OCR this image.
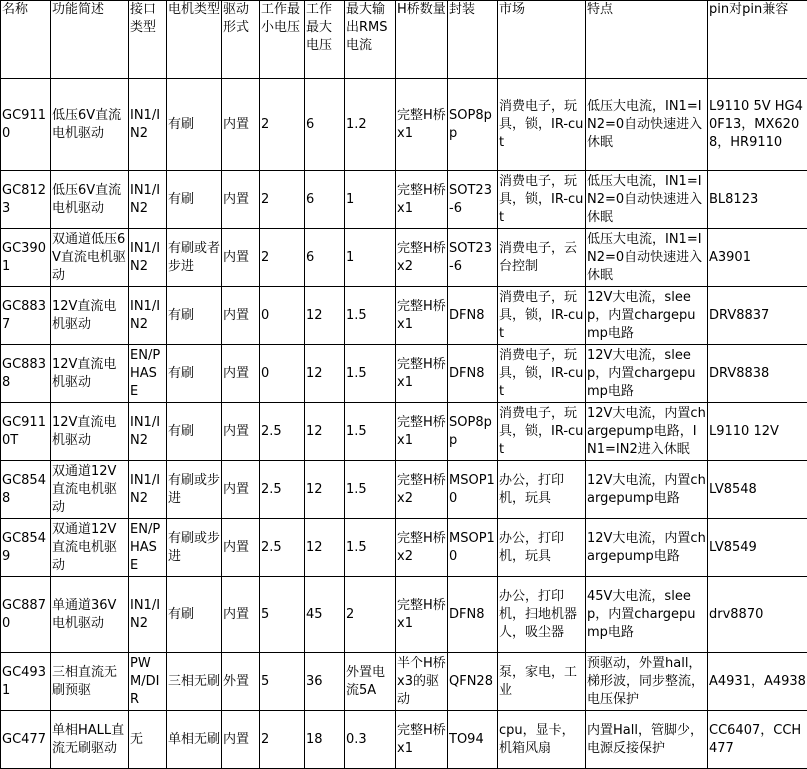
名称	功能简述	接口类型	电机类型	驱动形式	工作最小电压	工作最大电压	最大输出RMS电流	H桥数量	封装	市场	特点	pin对pin兼容
GC9110	低压6V直流电机驱动	IN1/IN2	有刷	内置	2	6	1.2	完整H桥 x1	SOP8pp	消费电子，玩具，锁，IR-cut	低压大电流，IN1=IN2=0自动快速进入休眠	L9110 5V HG40F13，MX6208，HR9110
GC8123	低压6V直流电机驱动	IN1/IN2	有刷	内置	2	6	1	完整H桥 x1	SOT23-6	消费电子，玩具，锁，IR-cut	低压大电流，IN1=IN2=0自动快速进入休眠	BL8123
GC3901	双通道低压6V直流电机驱动	IN1/IN2	有刷或者步进	内置	2	6	1	完整H桥 x2	SOT23-6	消费电子，云台控制	低压大电流，IN1=IN2=0自动快速进入休眠	A3901
GC8837	12V直流电机驱动	IN1/IN2	有刷	内置	0	12	1.5	完整H桥 x1	DFN8	消费电子，玩具，锁，IR-cut	12V大电流，sleep，内置chargepump电路	DRV8837
GC8838	12V直流电机驱动	EN/PHASE	有刷	内置	0	12	1.5	完整H桥 x1	DFN8	消费电子，玩具，锁，IR-cut	12V大电流，sleep，内置chargepump电路	DRV8838
GC9110T	12V直流电机驱动	IN1/IN2	有刷	内置	2.5	12	1.5	完整H桥 x1	SOP8pp	消费电子，玩具，锁，IR-cut	12V大电流，内置chargepump电路，IN1=IN2进入休眠	L9110 12V
GC8548	双通道12V直流电机驱动	IN1/IN2	有刷或步进	内置	2.5	12	1.5	完整H桥 x2	MSOP10	办公，打印机，玩具	12V大电流，内置chargepump电路	LV8548
GC8549	双通道12V直流电机驱动	EN/PHASE	有刷或步进	内置	2.5	12	1.5	完整H桥 x2	MSOP10	办公，打印机，玩具	12V大电流，内置chargepump电路	LV8549
GC8870	单通道36V电机驱动	IN1/IN2	有刷	内置	5	45	2	完整H桥 x1	DFN8	办公，打印机，扫地机器人，吸尘器	45V大电流，sleep，内置chargepump电路	drv8870
GC4931	三相直流无刷预驱	PWM/DIR	三相无刷	外置	5	36	外置电流5A	半个H桥 x3的驱动	QFN28	泵，家电，工业	预驱动，外置hall，梯形波，同步整流，电压保护	A4931，A4938
GC477	单相HALL直流无刷驱动	无	单相无刷	内置	2	18	0.3	完整H桥 x1	TO94	cpu，显卡，机箱风扇	内置Hall，管脚少，电源反接保护	CC6407，CCH477
